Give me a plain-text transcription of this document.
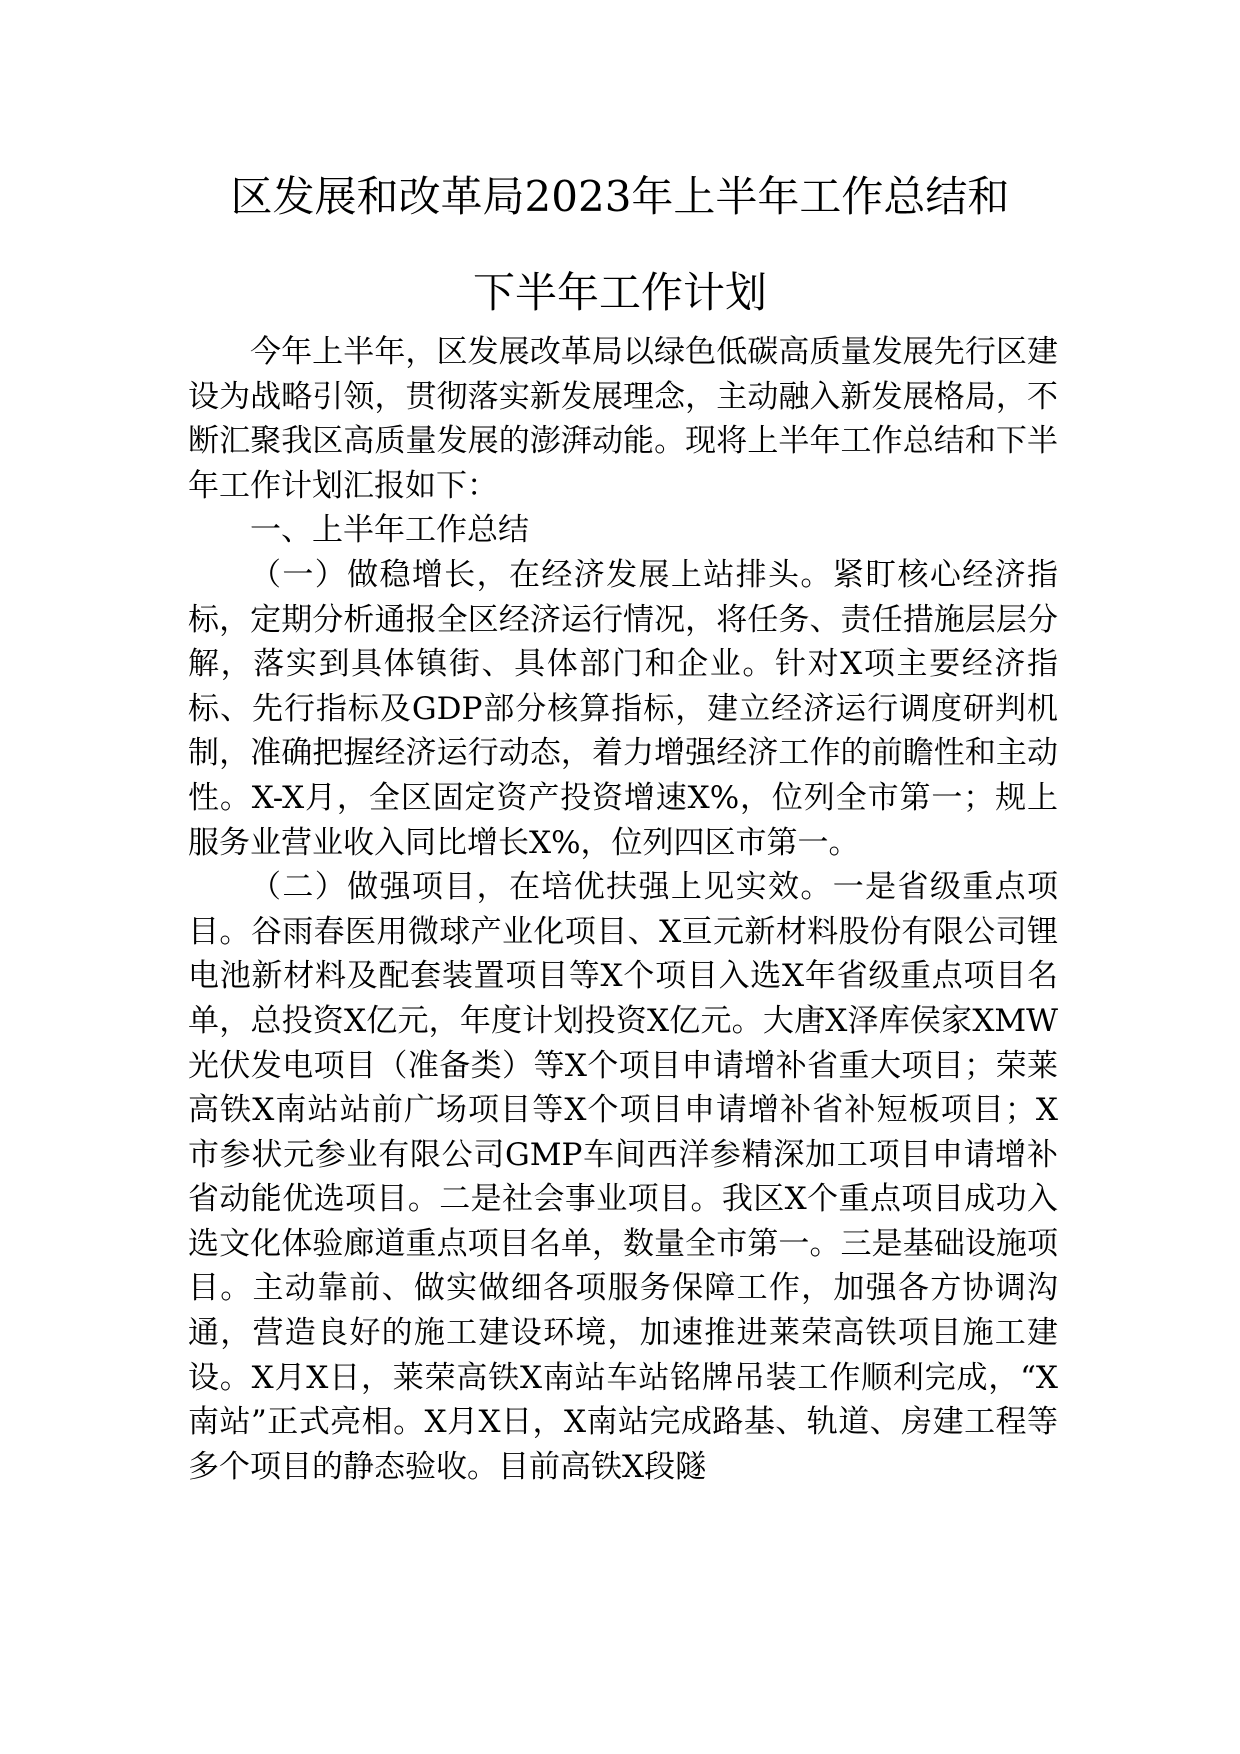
区发展和改革局2023年上半年工作总结和
下半年工作计划

今年上半年，区发展改革局以绿色低碳高质量发展先行区建设为战略引领，贯彻落实新发展理念，主动融入新发展格局，不断汇聚我区高质量发展的澎湃动能。现将上半年工作总结和下半年工作计划汇报如下：

一、上半年工作总结

（一）做稳增长，在经济发展上站排头。紧盯核心经济指标，定期分析通报全区经济运行情况，将任务、责任措施层层分解，落实到具体镇街、具体部门和企业。针对X项主要经济指标、先行指标及GDP部分核算指标，建立经济运行调度研判机制，准确把握经济运行动态，着力增强经济工作的前瞻性和主动性。X-X月，全区固定资产投资增速X%，位列全市第一；规上服务业营业收入同比增长X%，位列四区市第一。

（二）做强项目，在培优扶强上见实效。一是省级重点项目。谷雨春医用微球产业化项目、X亘元新材料股份有限公司锂电池新材料及配套装置项目等X个项目入选X年省级重点项目名单，总投资X亿元，年度计划投资X亿元。大唐X泽库侯家XMW光伏发电项目（准备类）等X个项目申请增补省重大项目；荣莱高铁X南站站前广场项目等X个项目申请增补省补短板项目；X市参状元参业有限公司GMP车间西洋参精深加工项目申请增补省动能优选项目。二是社会事业项目。我区X个重点项目成功入选文化体验廊道重点项目名单，数量全市第一。三是基础设施项目。主动靠前、做实做细各项服务保障工作，加强各方协调沟通，营造良好的施工建设环境，加速推进莱荣高铁项目施工建设。X月X日，莱荣高铁X南站车站铭牌吊装工作顺利完成，“X南站”正式亮相。X月X日，X南站完成路基、轨道、房建工程等多个项目的静态验收。目前高铁X段隧
